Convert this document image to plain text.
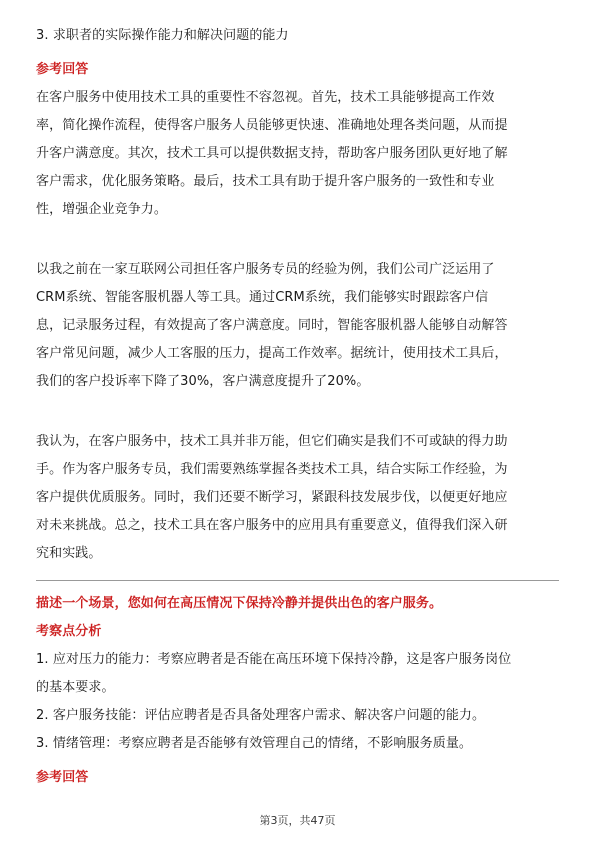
3. 求职者的实际操作能力和解决问题的能力
参考回答
在客户服务中使用技术工具的重要性不容忽视。首先，技术工具能够提高工作效
率，简化操作流程，使得客户服务人员能够更快速、准确地处理各类问题，从而提
升客户满意度。其次，技术工具可以提供数据支持，帮助客户服务团队更好地了解
客户需求，优化服务策略。最后，技术工具有助于提升客户服务的一致性和专业
性，增强企业竞争力。
以我之前在一家互联网公司担任客户服务专员的经验为例，我们公司广泛运用了
CRM系统、智能客服机器人等工具。通过CRM系统，我们能够实时跟踪客户信
息，记录服务过程，有效提高了客户满意度。同时，智能客服机器人能够自动解答
客户常见问题，减少人工客服的压力，提高工作效率。据统计，使用技术工具后，
我们的客户投诉率下降了30%，客户满意度提升了20%。
我认为，在客户服务中，技术工具并非万能，但它们确实是我们不可或缺的得力助
手。作为客户服务专员，我们需要熟练掌握各类技术工具，结合实际工作经验，为
客户提供优质服务。同时，我们还要不断学习，紧跟科技发展步伐，以便更好地应
对未来挑战。总之，技术工具在客户服务中的应用具有重要意义，值得我们深入研
究和实践。
描述一个场景，您如何在高压情况下保持冷静并提供出色的客户服务。
考察点分析
1. 应对压力的能力：考察应聘者是否能在高压环境下保持冷静，这是客户服务岗位
的基本要求。
2. 客户服务技能：评估应聘者是否具备处理客户需求、解决客户问题的能力。
3. 情绪管理：考察应聘者是否能够有效管理自己的情绪，不影响服务质量。
参考回答
第3页，共47页
